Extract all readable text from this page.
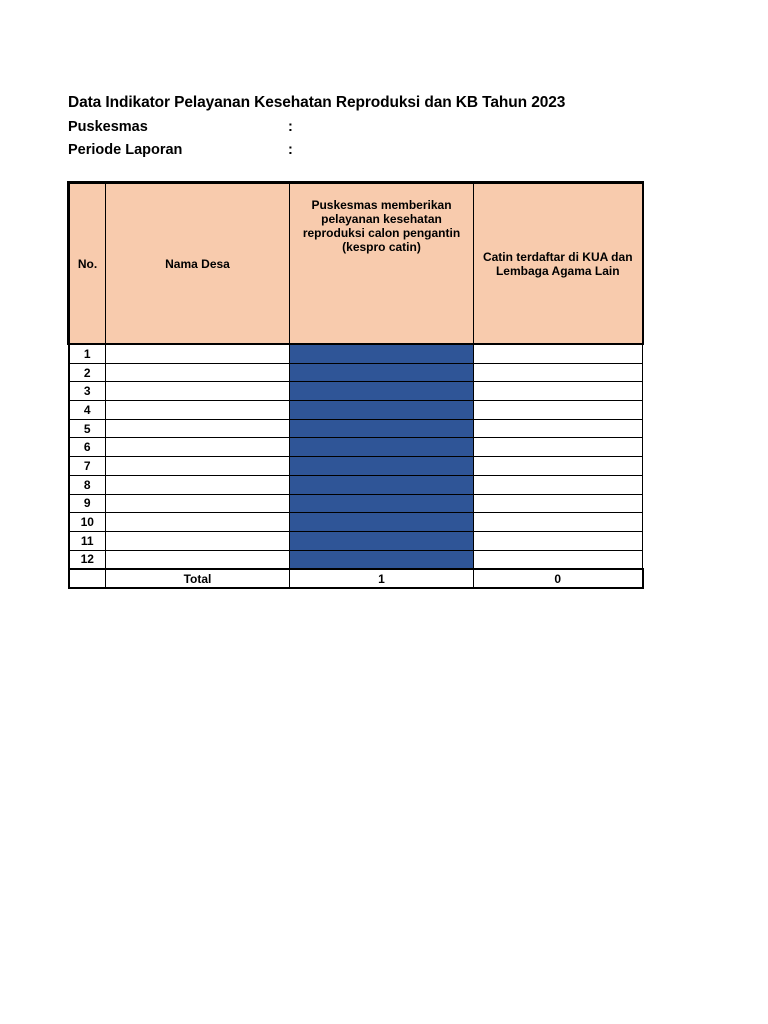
Data Indikator Pelayanan Kesehatan Reproduksi dan KB Tahun 2023
Puskesmas	:
Periode Laporan	:
No.	Nama Desa	Puskesmas memberikan pelayanan kesehatan reproduksi calon pengantin (kespro catin)	Catin terdaftar di KUA dan Lembaga Agama Lain
1			
2			
3			
4			
5			
6			
7			
8			
9			
10			
11			
12			
	Total	1	0
